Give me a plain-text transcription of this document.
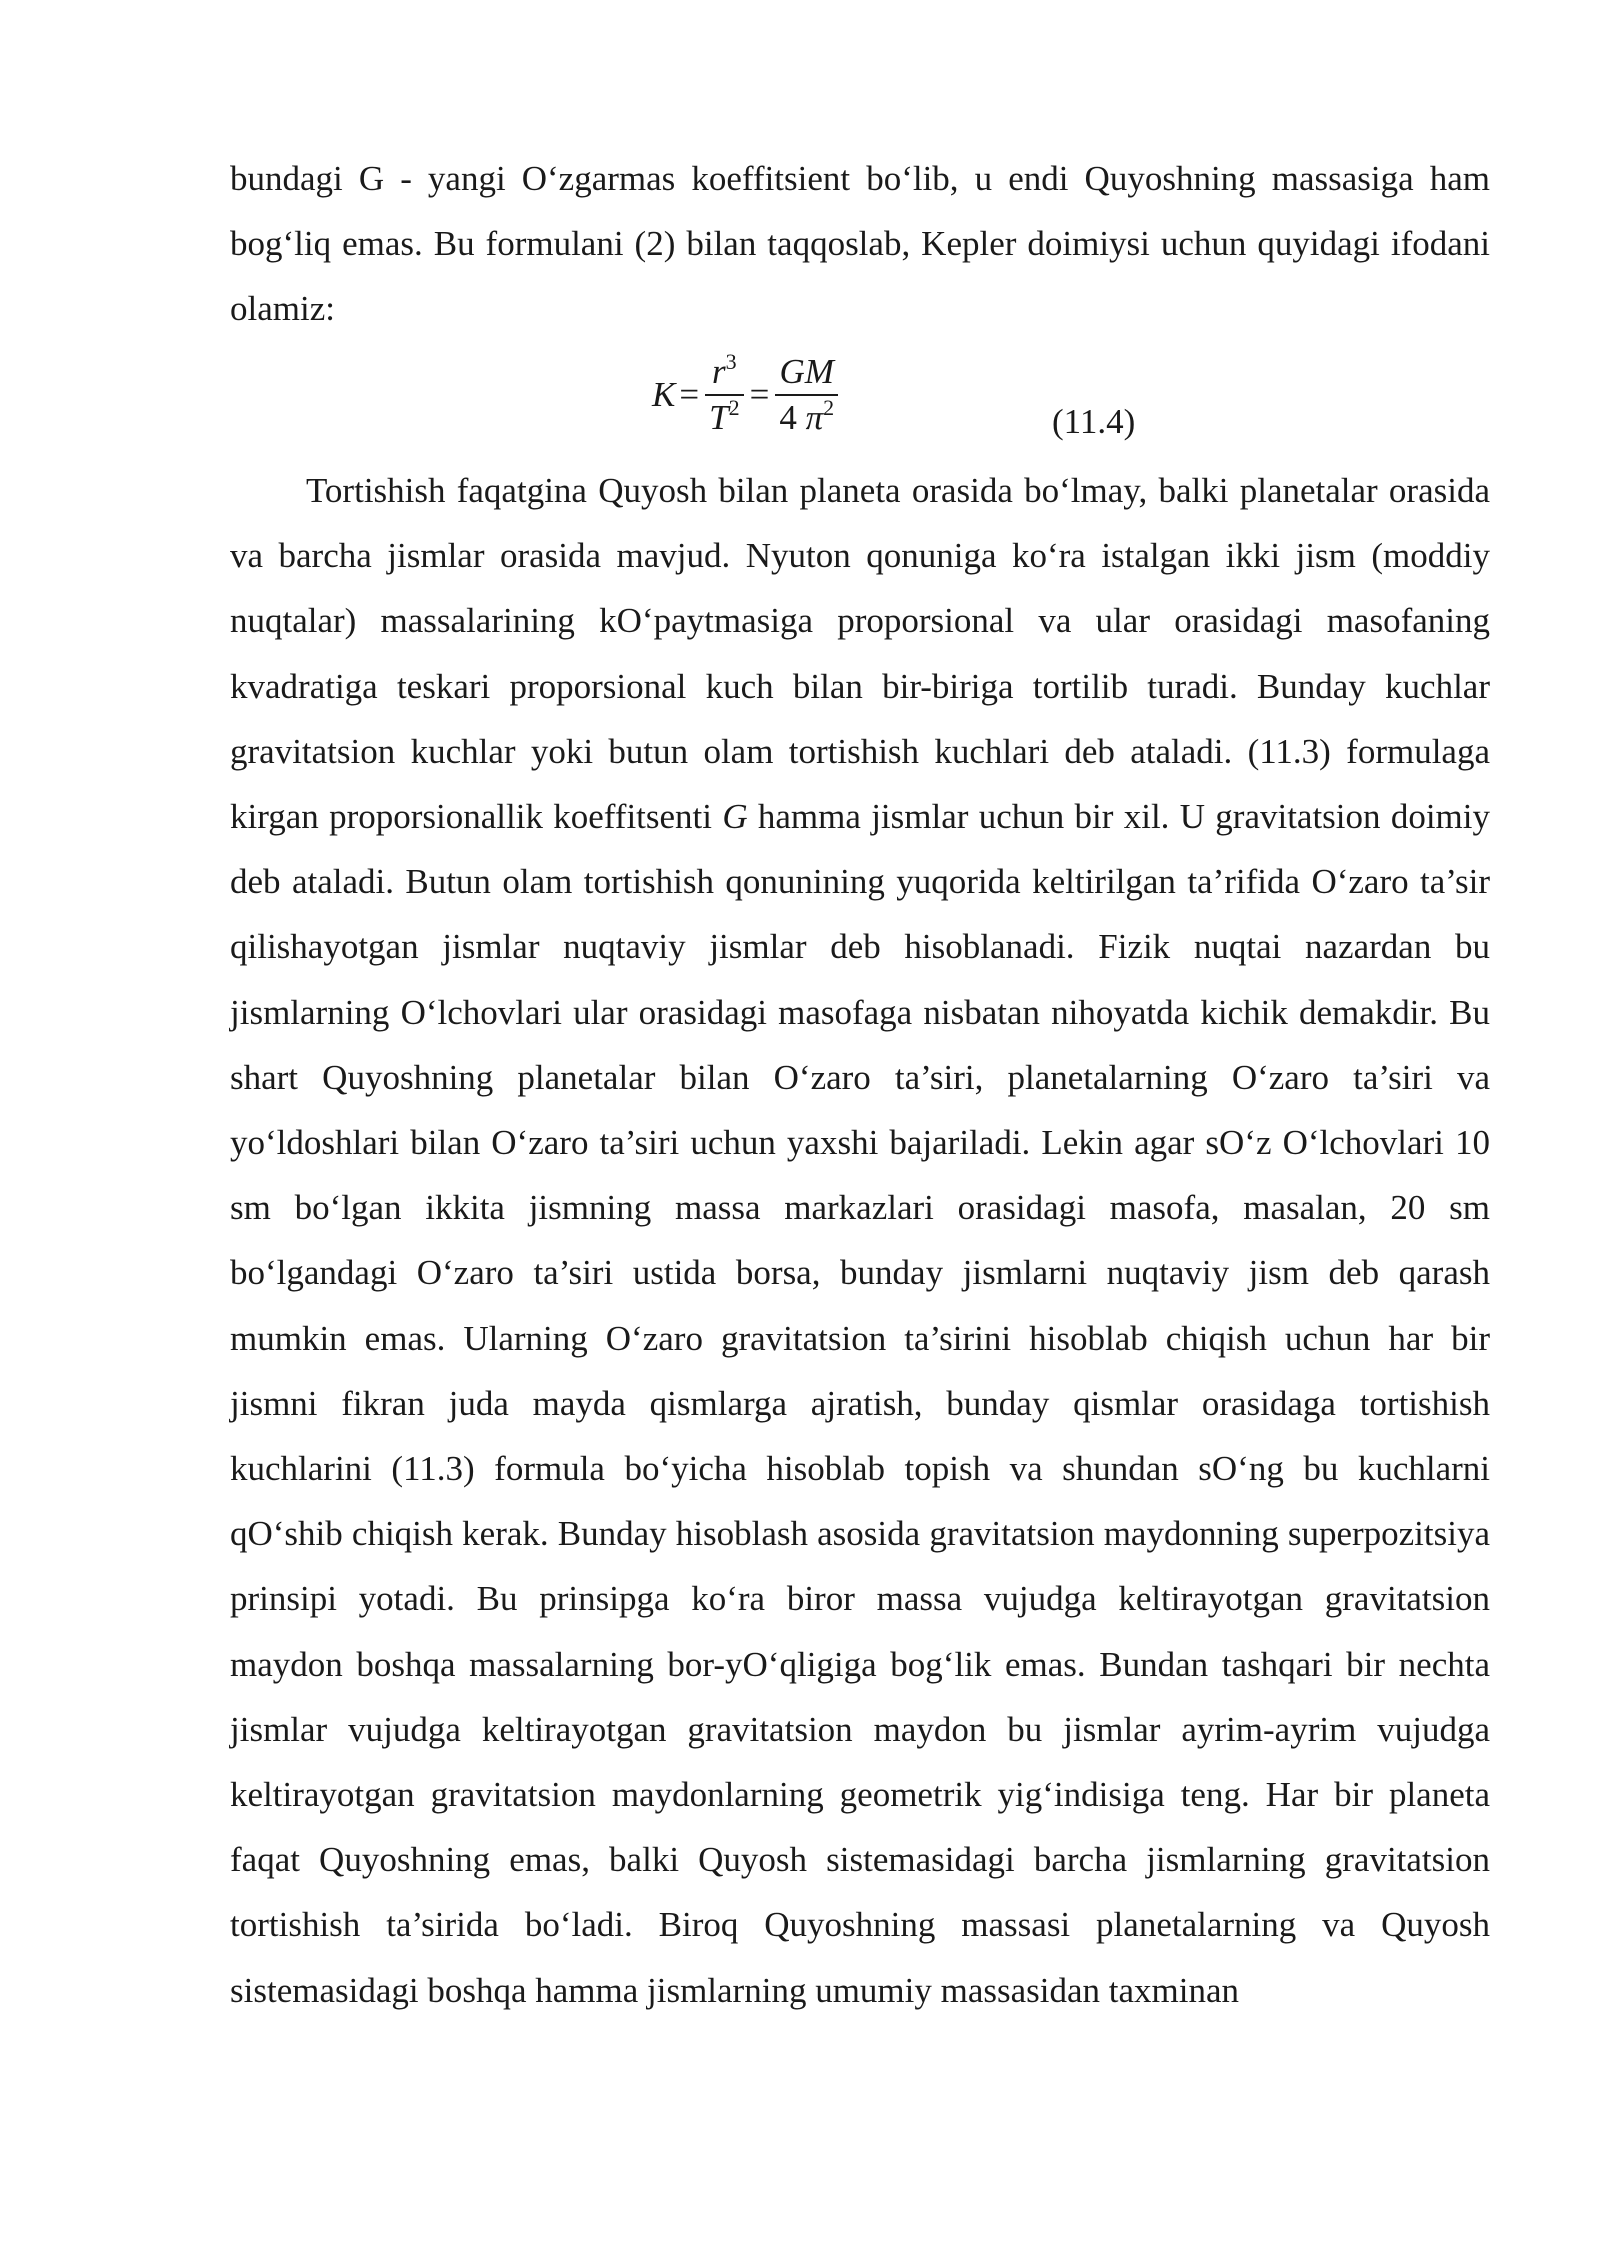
bundagi G - yangi O‘zgarmas koeffitsient bo‘lib, u endi Quyoshning massasiga ham bog‘liq emas. Bu formulani (2) bilan taqqoslab, Kepler doimiysi uchun quyidagi ifodani olamiz:

$K = \frac{r^3}{T^2} = \frac{GM}{4 \pi^2}$	(11.4)

Tortishish faqatgina Quyosh bilan planeta orasida bo‘lmay, balki planetalar orasida va barcha jismlar orasida mavjud. Nyuton qonuniga ko‘ra istalgan ikki jism (moddiy nuqtalar) massalarining kO‘paytmasiga proporsional va ular orasidagi masofaning kvadratiga teskari proporsional kuch bilan bir-biriga tortilib turadi. Bunday kuchlar gravitatsion kuchlar yoki butun olam tortishish kuchlari deb ataladi. (11.3) formulaga kirgan proporsionallik koeffitsenti G hamma jismlar uchun bir xil. U gravitatsion doimiy deb ataladi. Butun olam tortishish qonunining yuqorida keltirilgan ta’rifida O‘zaro ta’sir qilishayotgan jismlar nuqtaviy jismlar deb hisoblanadi. Fizik nuqtai nazardan bu jismlarning O‘lchovlari ular orasidagi masofaga nisbatan nihoyatda kichik demakdir. Bu shart Quyoshning planetalar bilan O‘zaro ta’siri, planetalarning O‘zaro ta’siri va yo‘ldoshlari bilan O‘zaro ta’siri uchun yaxshi bajariladi. Lekin agar sO‘z O‘lchovlari 10 sm bo‘lgan ikkita jismning massa markazlari orasidagi masofa, masalan, 20 sm bo‘lgandagi O‘zaro ta’siri ustida borsa, bunday jismlarni nuqtaviy jism deb qarash mumkin emas. Ularning O‘zaro gravitatsion ta’sirini hisoblab chiqish uchun har bir jismni fikran juda mayda qismlarga ajratish, bunday qismlar orasidaga tortishish kuchlarini (11.3) formula bo‘yicha hisoblab topish va shundan sO‘ng bu kuchlarni qO‘shib chiqish kerak. Bunday hisoblash asosida gravitatsion maydonning superpozitsiya prinsipi yotadi. Bu prinsipga ko‘ra biror massa vujudga keltirayotgan gravitatsion maydon boshqa massalarning bor-yO‘qligiga bog‘lik emas. Bundan tashqari bir nechta jismlar vujudga keltirayotgan gravitatsion maydon bu jismlar ayrim-ayrim vujudga keltirayotgan gravitatsion maydonlarning geometrik yig‘indisiga teng. Har bir planeta faqat Quyoshning emas, balki Quyosh sistemasidagi barcha jismlarning gravitatsion tortishish ta’sirida bo‘ladi. Biroq Quyoshning massasi planetalarning va Quyosh sistemasidagi boshqa hamma jismlarning umumiy massasidan taxminan
